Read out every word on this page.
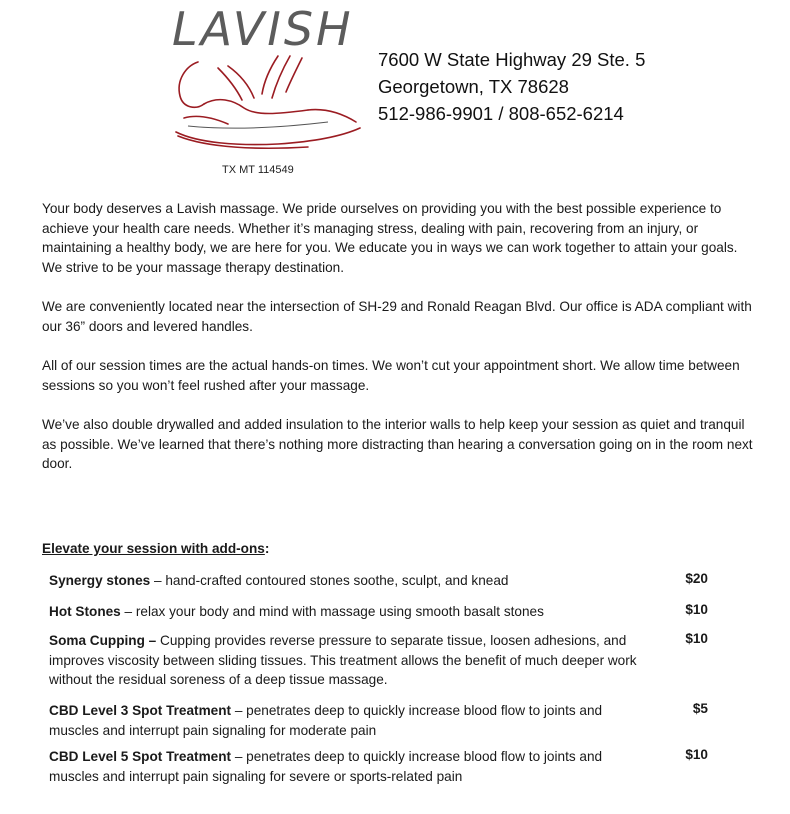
LAVISH
TX MT 114549
7600 W State Highway 29 Ste. 5
Georgetown, TX 78628
512-986-9901 / 808-652-6214

Your body deserves a Lavish massage. We pride ourselves on providing you with the best possible experience to achieve your health care needs. Whether it’s managing stress, dealing with pain, recovering from an injury, or maintaining a healthy body, we are here for you. We educate you in ways we can work together to attain your goals. We strive to be your massage therapy destination.

We are conveniently located near the intersection of SH-29 and Ronald Reagan Blvd. Our office is ADA compliant with our 36” doors and levered handles.

All of our session times are the actual hands-on times. We won’t cut your appointment short. We allow time between sessions so you won’t feel rushed after your massage.

We’ve also double drywalled and added insulation to the interior walls to help keep your session as quiet and tranquil as possible. We’ve learned that there’s nothing more distracting than hearing a conversation going on in the room next door.

Elevate your session with add-ons:
Synergy stones – hand-crafted contoured stones soothe, sculpt, and knead	$20
Hot Stones – relax your body and mind with massage using smooth basalt stones	$10
Soma Cupping – Cupping provides reverse pressure to separate tissue, loosen adhesions, and improves viscosity between sliding tissues. This treatment allows the benefit of much deeper work without the residual soreness of a deep tissue massage.
$10
CBD Level 3 Spot Treatment – penetrates deep to quickly increase blood flow to joints and muscles and interrupt pain signaling for moderate pain
$5
CBD Level 5 Spot Treatment – penetrates deep to quickly increase blood flow to joints and muscles and interrupt pain signaling for severe or sports-related pain
$10
